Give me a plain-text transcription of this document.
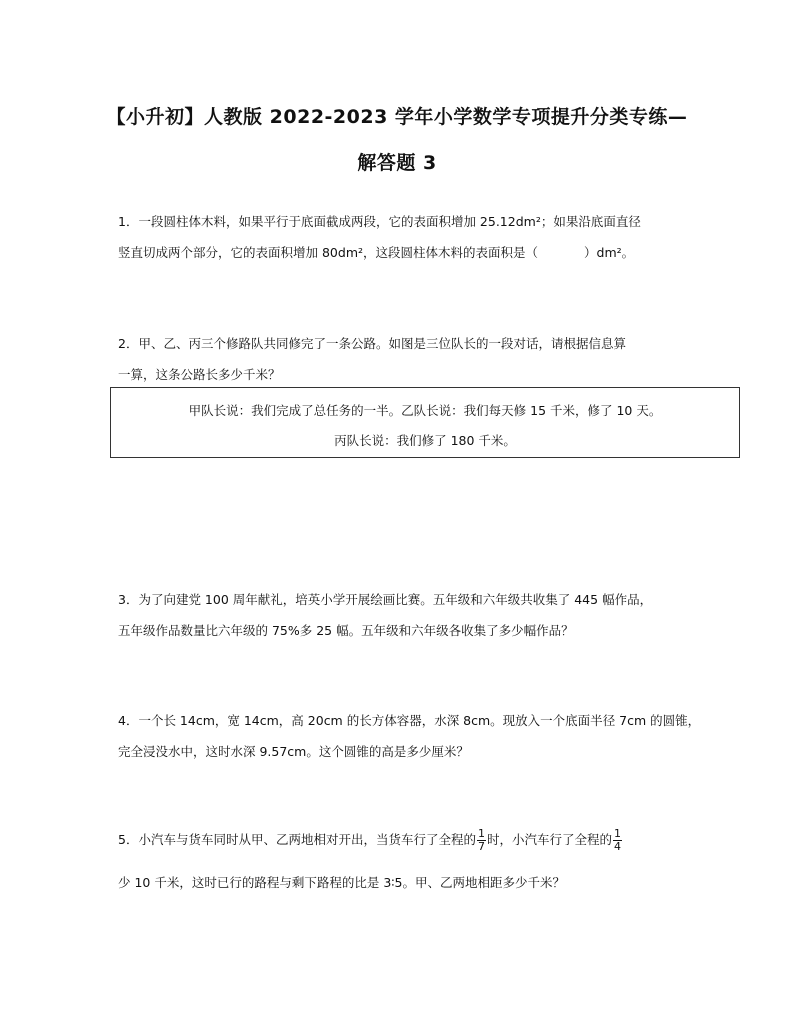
【小升初】人教版 2022-2023 学年小学数学专项提升分类专练—
解答题 3
1．一段圆柱体木料，如果平行于底面截成两段，它的表面积增加 25.12dm²；如果沿底面直径
竖直切成两个部分，它的表面积增加 80dm²，这段圆柱体木料的表面积是（	）dm²。
2．甲、乙、丙三个修路队共同修完了一条公路。如图是三位队长的一段对话，请根据信息算
一算，这条公路长多少千米？
甲队长说：我们完成了总任务的一半。乙队长说：我们每天修 15 千米，修了 10 天。
丙队长说：我们修了 180 千米。
3．为了向建党 100 周年献礼，培英小学开展绘画比赛。五年级和六年级共收集了 445 幅作品，
五年级作品数量比六年级的 75%多 25 幅。五年级和六年级各收集了多少幅作品？
4．一个长 14cm，宽 14cm，高 20cm 的长方体容器，水深 8cm。现放入一个底面半径 7cm 的圆锥，
完全浸没水中，这时水深 9.57cm。这个圆锥的高是多少厘米？
5．小汽车与货车同时从甲、乙两地相对开出，当货车行了全程的 $\frac{1}{7}$ 时，小汽车行了全程的 $\frac{1}{4}$
少 10 千米，这时已行的路程与剩下路程的比是 3∶5。甲、乙两地相距多少千米？
